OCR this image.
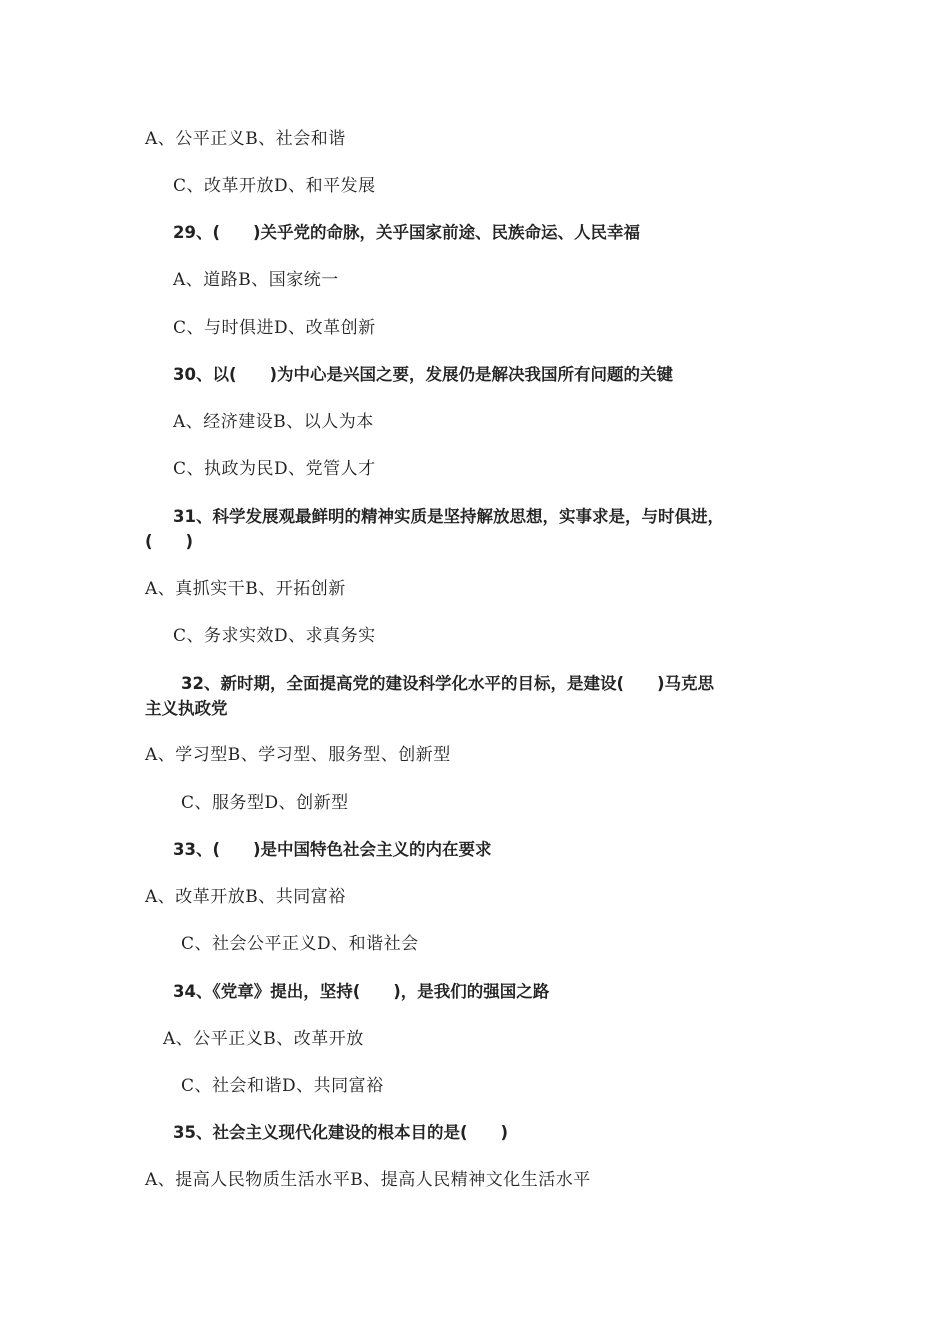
A、公平正义B、社会和谐
C、改革开放D、和平发展
29、(　　)关乎党的命脉，关乎国家前途、民族命运、人民幸福
A、道路B、国家统一
C、与时俱进D、改革创新
30、以(　　)为中心是兴国之要，发展仍是解决我国所有问题的关键
A、经济建设B、以人为本
C、执政为民D、党管人才
31、科学发展观最鲜明的精神实质是坚持解放思想，实事求是，与时俱进，
(　　)
A、真抓实干B、开拓创新
C、务求实效D、求真务实
32、新时期，全面提高党的建设科学化水平的目标，是建设(　　)马克思
主义执政党
A、学习型B、学习型、服务型、创新型
C、服务型D、创新型
33、(　　)是中国特色社会主义的内在要求
A、改革开放B、共同富裕
C、社会公平正义D、和谐社会
34、《党章》提出，坚持(　　)，是我们的强国之路
A、公平正义B、改革开放
C、社会和谐D、共同富裕
35、社会主义现代化建设的根本目的是(　　)
A、提高人民物质生活水平B、提高人民精神文化生活水平
